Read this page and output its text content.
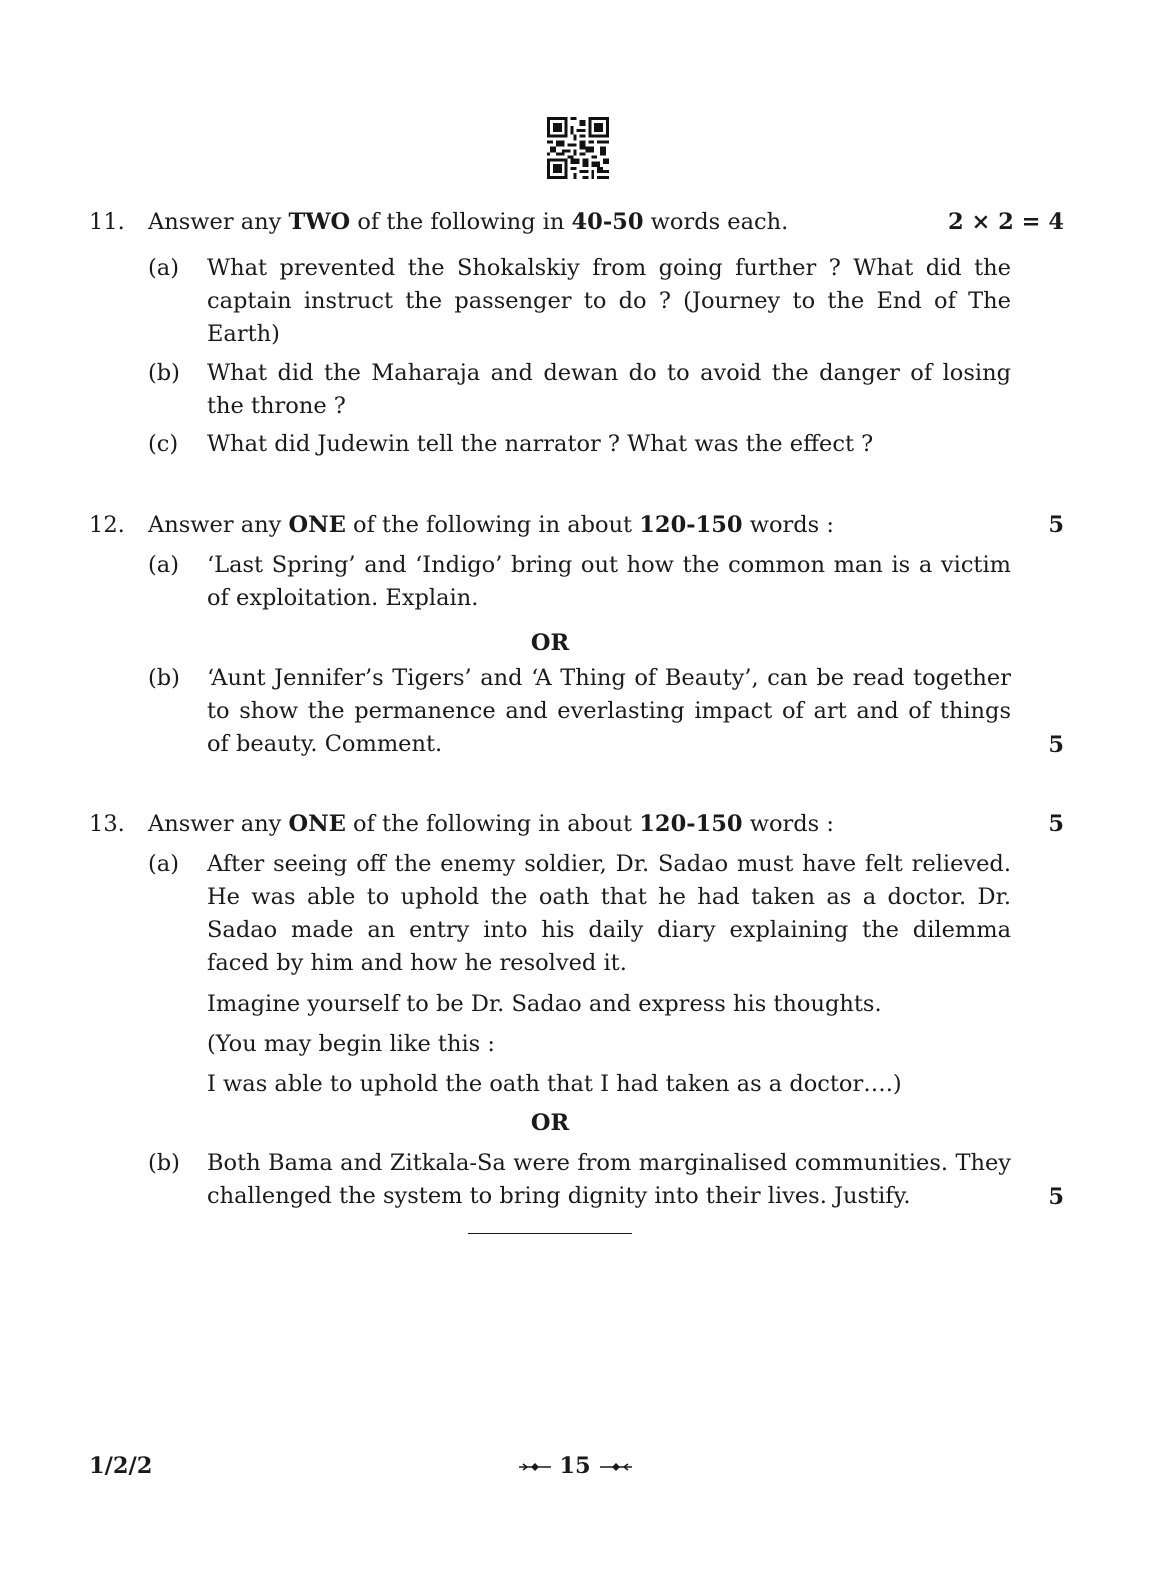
11. Answer any TWO of the following in 40-50 words each.	2 × 2 = 4
(a) What prevented the Shokalskiy from going further ? What did the captain instruct the passenger to do ? (Journey to the End of The Earth)

(b) What did the Maharaja and dewan do to avoid the danger of losing the throne ?

(c) What did Judewin tell the narrator ? What was the effect ?

12. Answer any ONE of the following in about 120-150 words :	5
(a) ‘Last Spring’ and ‘Indigo’ bring out how the common man is a victim of exploitation. Explain.

OR
(b) ‘Aunt Jennifer’s Tigers’ and ‘A Thing of Beauty’, can be read together to show the permanence and everlasting impact of art and of things of beauty. Comment.	5
13. Answer any ONE of the following in about 120-150 words :	5
(a) After seeing off the enemy soldier, Dr. Sadao must have felt relieved. He was able to uphold the oath that he had taken as a doctor. Dr. Sadao made an entry into his daily diary explaining the dilemma faced by him and how he resolved it.

Imagine yourself to be Dr. Sadao and express his thoughts.
(You may begin like this :
I was able to uphold the oath that I had taken as a doctor….)
OR
(b) Both Bama and Zitkala-Sa were from marginalised communities. They challenged the system to bring dignity into their lives. Justify.	5
1/2/2	15
